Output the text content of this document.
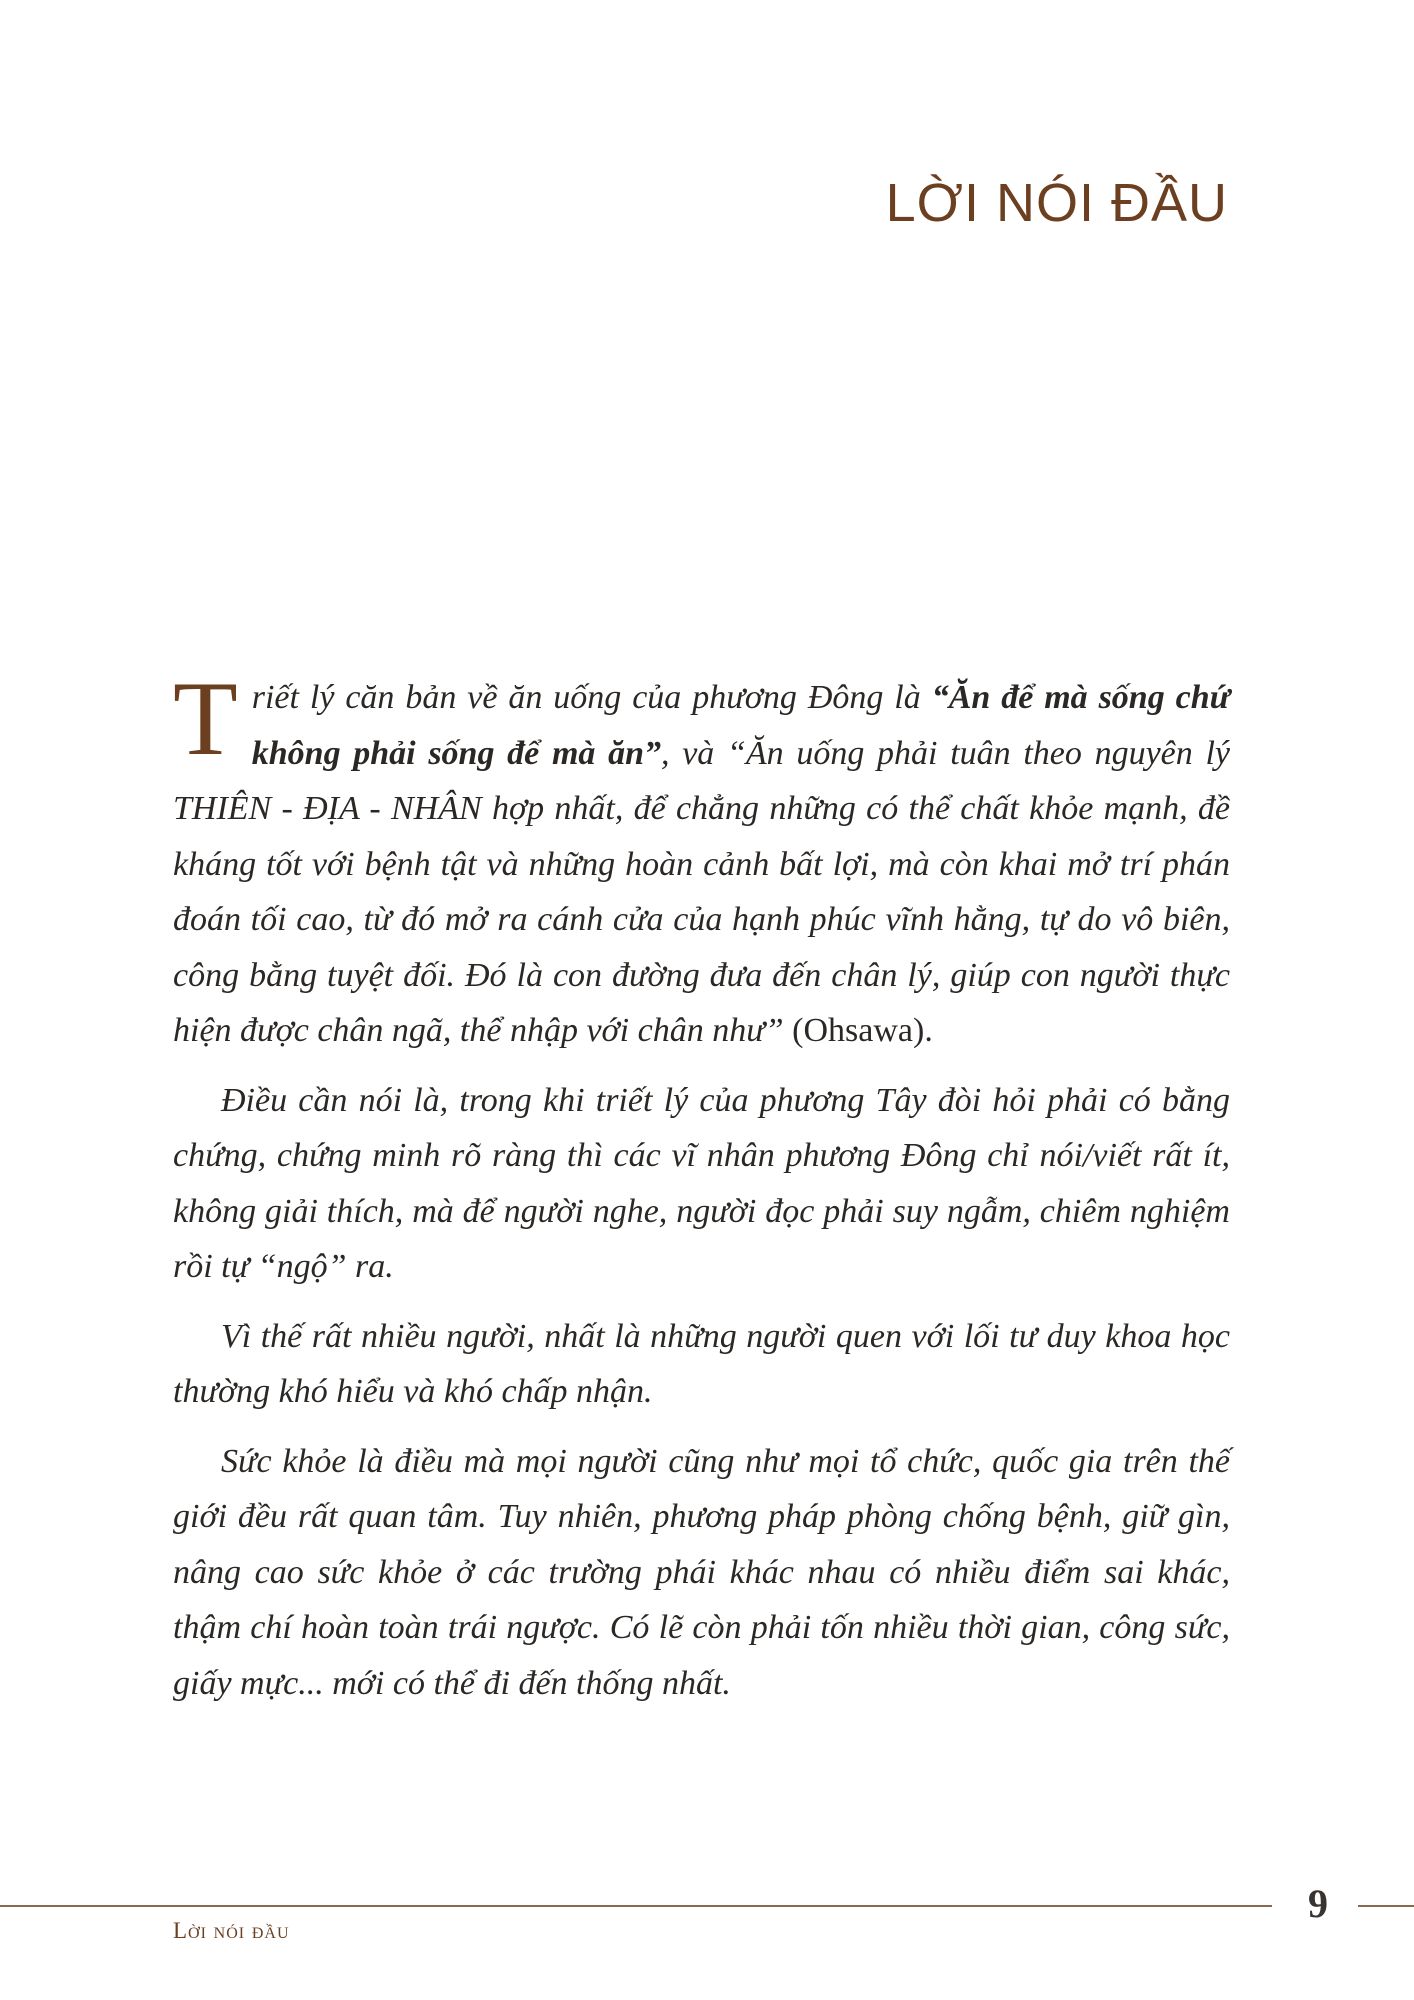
LỜI NÓI ĐẦU

Triết lý căn bản về ăn uống của phương Đông là “Ăn để mà sống chứ không phải sống để mà ăn”, và “Ăn uống phải tuân theo nguyên lý THIÊN - ĐỊA - NHÂN hợp nhất, để chẳng những có thể chất khỏe mạnh, đề kháng tốt với bệnh tật và những hoàn cảnh bất lợi, mà còn khai mở trí phán đoán tối cao, từ đó mở ra cánh cửa của hạnh phúc vĩnh hằng, tự do vô biên, công bằng tuyệt đối. Đó là con đường đưa đến chân lý, giúp con người thực hiện được chân ngã, thể nhập với chân như” (Ohsawa).

Điều cần nói là, trong khi triết lý của phương Tây đòi hỏi phải có bằng chứng, chứng minh rõ ràng thì các vĩ nhân phương Đông chỉ nói/viết rất ít, không giải thích, mà để người nghe, người đọc phải suy ngẫm, chiêm nghiệm rồi tự “ngộ” ra.

Vì thế rất nhiều người, nhất là những người quen với lối tư duy khoa học thường khó hiểu và khó chấp nhận.

Sức khỏe là điều mà mọi người cũng như mọi tổ chức, quốc gia trên thế giới đều rất quan tâm. Tuy nhiên, phương pháp phòng chống bệnh, giữ gìn, nâng cao sức khỏe ở các trường phái khác nhau có nhiều điểm sai khác, thậm chí hoàn toàn trái ngược. Có lẽ còn phải tốn nhiều thời gian, công sức, giấy mực... mới có thể đi đến thống nhất.

9
Lời nói đầu
